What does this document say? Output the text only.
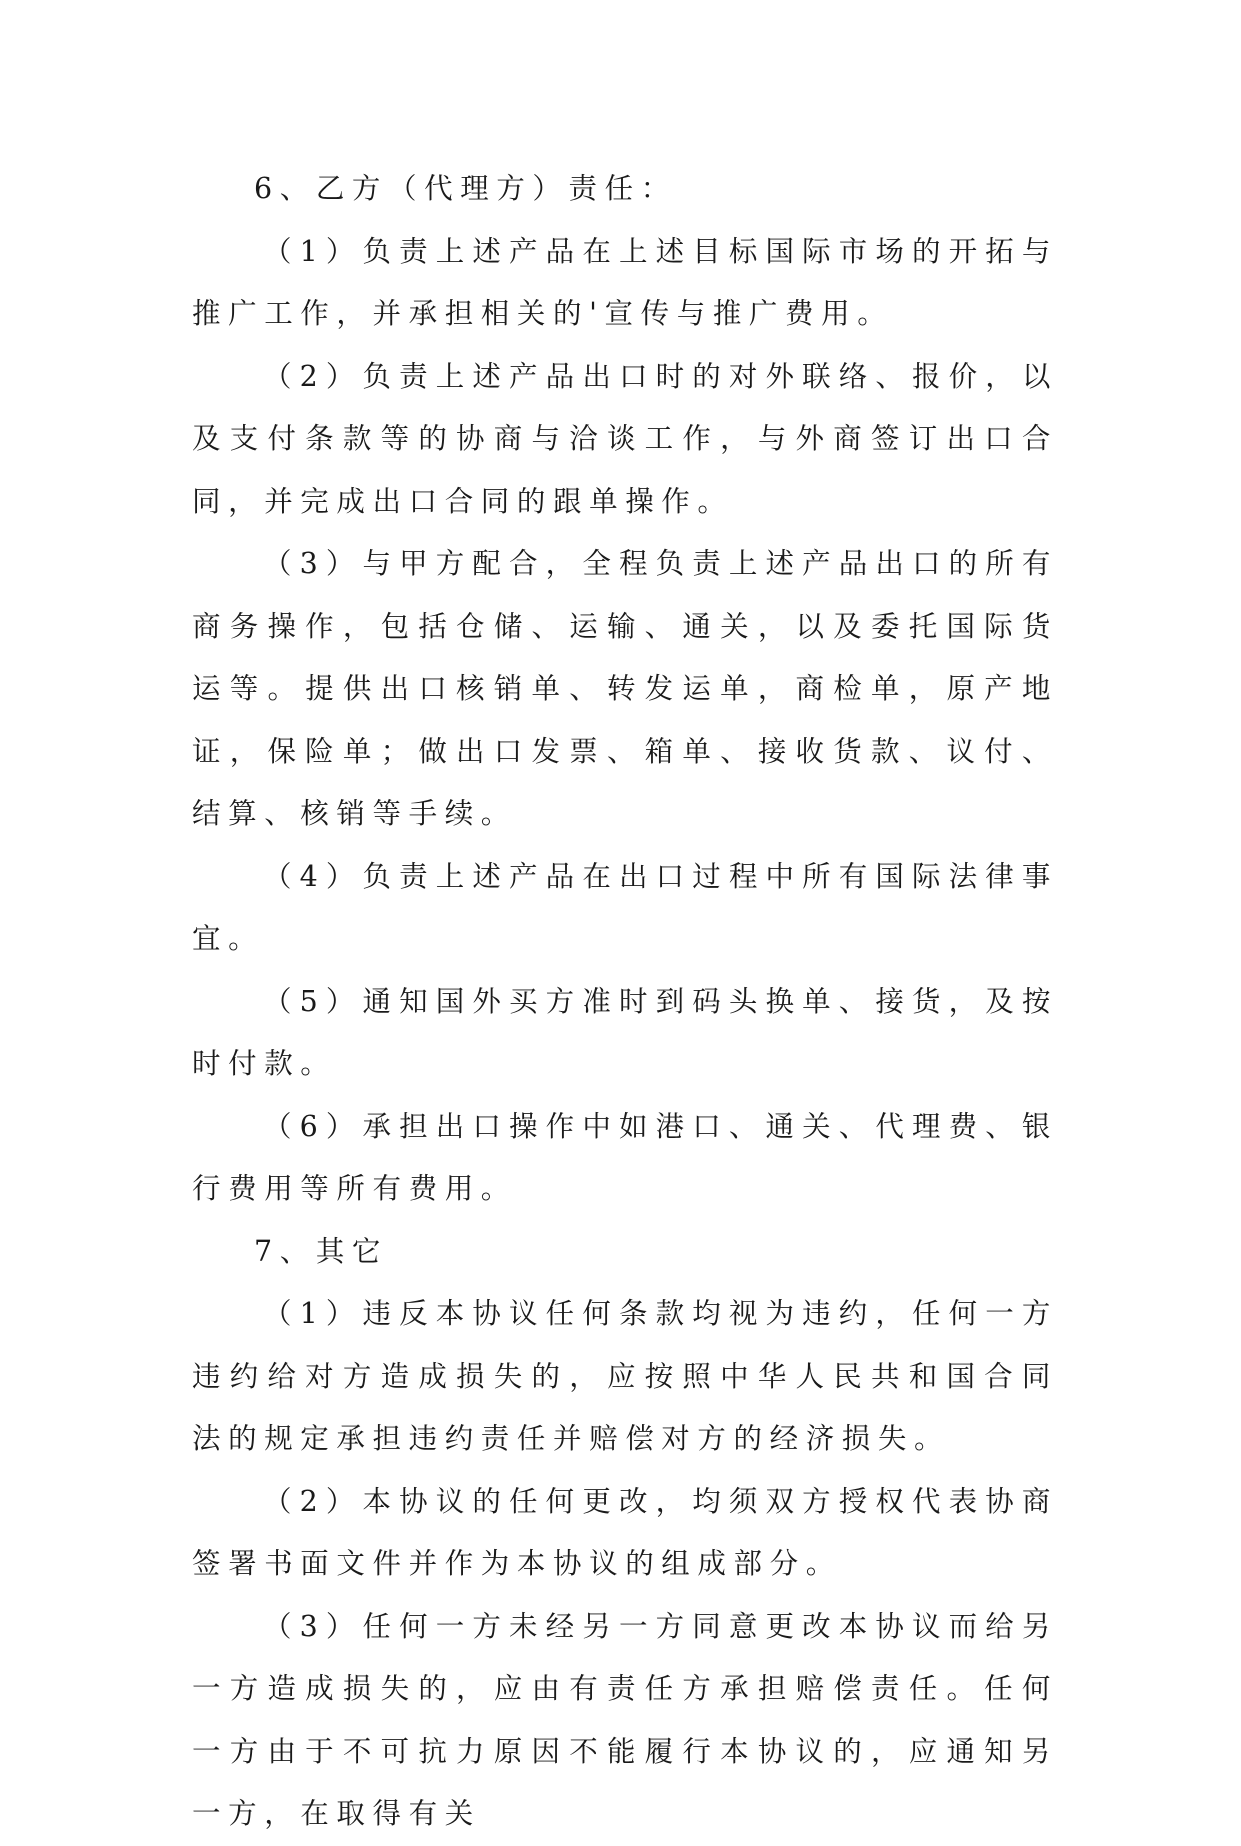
6、乙方（代理方）责任：

（1）负责上述产品在上述目标国际市场的开拓与推广工作，并承担相关的'宣传与推广费用。

（2）负责上述产品出口时的对外联络、报价，以及支付条款等的协商与洽谈工作，与外商签订出口合同，并完成出口合同的跟单操作。

（3）与甲方配合，全程负责上述产品出口的所有商务操作，包括仓储、运输、通关，以及委托国际货运等。提供出口核销单、转发运单，商检单，原产地证，保险单；做出口发票、箱单、接收货款、议付、结算、核销等手续。

（4）负责上述产品在出口过程中所有国际法律事宜。

（5）通知国外买方准时到码头换单、接货，及按时付款。

（6）承担出口操作中如港口、通关、代理费、银行费用等所有费用。

7、其它

（1）违反本协议任何条款均视为违约，任何一方违约给对方造成损失的，应按照中华人民共和国合同法的规定承担违约责任并赔偿对方的经济损失。

（2）本协议的任何更改，均须双方授权代表协商签署书面文件并作为本协议的组成部分。

（3）任何一方未经另一方同意更改本协议而给另一方造成损失的，应由有责任方承担赔偿责任。任何一方由于不可抗力原因不能履行本协议的，应通知另一方，在取得有关
